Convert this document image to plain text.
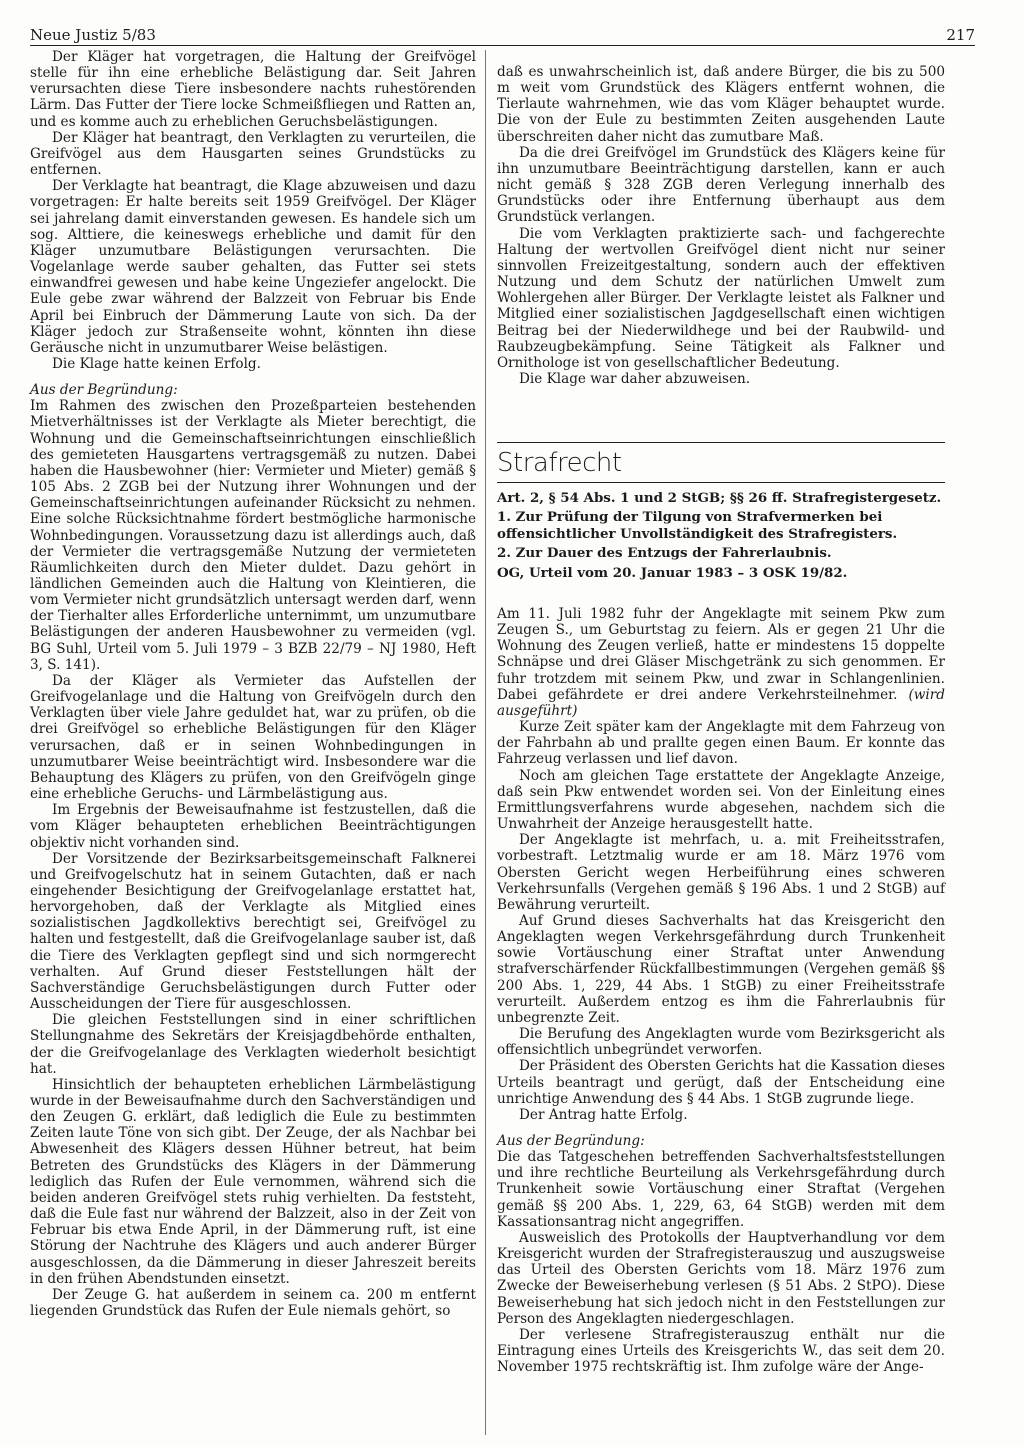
Neue Justiz 5/83	217

Der Kläger hat vorgetragen, die Haltung der Greifvögel stelle für ihn eine erhebliche Belästigung dar. Seit Jahren verursachten diese Tiere insbesondere nachts ruhestörenden Lärm. Das Futter der Tiere locke Schmeißfliegen und Ratten an, und es komme auch zu erheblichen Geruchsbelästigungen.

Der Kläger hat beantragt, den Verklagten zu verurteilen, die Greifvögel aus dem Hausgarten seines Grundstücks zu entfernen.

Der Verklagte hat beantragt, die Klage abzuweisen und dazu vorgetragen: Er halte bereits seit 1959 Greifvögel. Der Kläger sei jahrelang damit einverstanden gewesen. Es handele sich um sog. Alttiere, die keineswegs erhebliche und damit für den Kläger unzumutbare Belästigungen verursachten. Die Vogelanlage werde sauber gehalten, das Futter sei stets einwandfrei gewesen und habe keine Ungeziefer angelockt. Die Eule gebe zwar während der Balzzeit von Februar bis Ende April bei Einbruch der Dämmerung Laute von sich. Da der Kläger jedoch zur Straßenseite wohnt, könnten ihn diese Geräusche nicht in unzumutbarer Weise belästigen.

Die Klage hatte keinen Erfolg.

Aus der Begründung:

Im Rahmen des zwischen den Prozeßparteien bestehenden Mietverhältnisses ist der Verklagte als Mieter berechtigt, die Wohnung und die Gemeinschaftseinrichtungen einschließlich des gemieteten Hausgartens vertragsgemäß zu nutzen. Dabei haben die Hausbewohner (hier: Vermieter und Mieter) gemäß § 105 Abs. 2 ZGB bei der Nutzung ihrer Wohnungen und der Gemeinschaftseinrichtungen aufeinander Rücksicht zu nehmen. Eine solche Rücksichtnahme fördert bestmögliche harmonische Wohnbedingungen. Voraussetzung dazu ist allerdings auch, daß der Vermieter die vertragsgemäße Nutzung der vermieteten Räumlichkeiten durch den Mieter duldet. Dazu gehört in ländlichen Gemeinden auch die Haltung von Kleintieren, die vom Vermieter nicht grundsätzlich untersagt werden darf, wenn der Tierhalter alles Erforderliche unternimmt, um unzumutbare Belästigungen der anderen Hausbewohner zu vermeiden (vgl. BG Suhl, Urteil vom 5. Juli 1979 – 3 BZB 22/79 – NJ 1980, Heft 3, S. 141).

Da der Kläger als Vermieter das Aufstellen der Greifvogelanlage und die Haltung von Greifvögeln durch den Verklagten über viele Jahre geduldet hat, war zu prüfen, ob die drei Greifvögel so erhebliche Belästigungen für den Kläger verursachen, daß er in seinen Wohnbedingungen in unzumutbarer Weise beeinträchtigt wird. Insbesondere war die Behauptung des Klägers zu prüfen, von den Greifvögeln ginge eine erhebliche Geruchs- und Lärmbelästigung aus.

Im Ergebnis der Beweisaufnahme ist festzustellen, daß die vom Kläger behaupteten erheblichen Beeinträchtigungen objektiv nicht vorhanden sind.

Der Vorsitzende der Bezirksarbeitsgemeinschaft Falknerei und Greifvogelschutz hat in seinem Gutachten, daß er nach eingehender Besichtigung der Greifvogelanlage erstattet hat, hervorgehoben, daß der Verklagte als Mitglied eines sozialistischen Jagdkollektivs berechtigt sei, Greifvögel zu halten und festgestellt, daß die Greifvogelanlage sauber ist, daß die Tiere des Verklagten gepflegt sind und sich normgerecht verhalten. Auf Grund dieser Feststellungen hält der Sachverständige Geruchsbelästigungen durch Futter oder Ausscheidungen der Tiere für ausgeschlossen.

Die gleichen Feststellungen sind in einer schriftlichen Stellungnahme des Sekretärs der Kreisjagdbehörde enthalten, der die Greifvogelanlage des Verklagten wiederholt besichtigt hat.

Hinsichtlich der behaupteten erheblichen Lärmbelästigung wurde in der Beweisaufnahme durch den Sachverständigen und den Zeugen G. erklärt, daß lediglich die Eule zu bestimmten Zeiten laute Töne von sich gibt. Der Zeuge, der als Nachbar bei Abwesenheit des Klägers dessen Hühner betreut, hat beim Betreten des Grundstücks des Klägers in der Dämmerung lediglich das Rufen der Eule vernommen, während sich die beiden anderen Greifvögel stets ruhig verhielten. Da feststeht, daß die Eule fast nur während der Balzzeit, also in der Zeit von Februar bis etwa Ende April, in der Dämmerung ruft, ist eine Störung der Nachtruhe des Klägers und auch anderer Bürger ausgeschlossen, da die Dämmerung in dieser Jahreszeit bereits in den frühen Abendstunden einsetzt.

Der Zeuge G. hat außerdem in seinem ca. 200 m entfernt liegenden Grundstück das Rufen der Eule niemals gehört, so

daß es unwahrscheinlich ist, daß andere Bürger, die bis zu 500 m weit vom Grundstück des Klägers entfernt wohnen, die Tierlaute wahrnehmen, wie das vom Kläger behauptet wurde. Die von der Eule zu bestimmten Zeiten ausgehenden Laute überschreiten daher nicht das zumutbare Maß.

Da die drei Greifvögel im Grundstück des Klägers keine für ihn unzumutbare Beeinträchtigung darstellen, kann er auch nicht gemäß § 328 ZGB deren Verlegung innerhalb des Grundstücks oder ihre Entfernung überhaupt aus dem Grundstück verlangen.

Die vom Verklagten praktizierte sach- und fachgerechte Haltung der wertvollen Greifvögel dient nicht nur seiner sinnvollen Freizeitgestaltung, sondern auch der effektiven Nutzung und dem Schutz der natürlichen Umwelt zum Wohlergehen aller Bürger. Der Verklagte leistet als Falkner und Mitglied einer sozialistischen Jagdgesellschaft einen wichtigen Beitrag bei der Niederwildhege und bei der Raubwild- und Raubzeugbekämpfung. Seine Tätigkeit als Falkner und Ornithologe ist von gesellschaftlicher Bedeutung.

Die Klage war daher abzuweisen.

Strafrecht

Art. 2, § 54 Abs. 1 und 2 StGB; §§ 26 ff. Strafregistergesetz.

1. Zur Prüfung der Tilgung von Strafvermerken bei offensichtlicher Unvollständigkeit des Strafregisters.

2. Zur Dauer des Entzugs der Fahrerlaubnis.

OG, Urteil vom 20. Januar 1983 – 3 OSK 19/82.

Am 11. Juli 1982 fuhr der Angeklagte mit seinem Pkw zum Zeugen S., um Geburtstag zu feiern. Als er gegen 21 Uhr die Wohnung des Zeugen verließ, hatte er mindestens 15 doppelte Schnäpse und drei Gläser Mischgetränk zu sich genommen. Er fuhr trotzdem mit seinem Pkw, und zwar in Schlangenlinien. Dabei gefährdete er drei andere Verkehrsteilnehmer. (wird ausgeführt)

Kurze Zeit später kam der Angeklagte mit dem Fahrzeug von der Fahrbahn ab und prallte gegen einen Baum. Er konnte das Fahrzeug verlassen und lief davon.

Noch am gleichen Tage erstattete der Angeklagte Anzeige, daß sein Pkw entwendet worden sei. Von der Einleitung eines Ermittlungsverfahrens wurde abgesehen, nachdem sich die Unwahrheit der Anzeige herausgestellt hatte.

Der Angeklagte ist mehrfach, u. a. mit Freiheitsstrafen, vorbestraft. Letztmalig wurde er am 18. März 1976 vom Obersten Gericht wegen Herbeiführung eines schweren Verkehrsunfalls (Vergehen gemäß § 196 Abs. 1 und 2 StGB) auf Bewährung verurteilt.

Auf Grund dieses Sachverhalts hat das Kreisgericht den Angeklagten wegen Verkehrsgefährdung durch Trunkenheit sowie Vortäuschung einer Straftat unter Anwendung strafverschärfender Rückfallbestimmungen (Vergehen gemäß §§ 200 Abs. 1, 229, 44 Abs. 1 StGB) zu einer Freiheitsstrafe verurteilt. Außerdem entzog es ihm die Fahrerlaubnis für unbegrenzte Zeit.

Die Berufung des Angeklagten wurde vom Bezirksgericht als offensichtlich unbegründet verworfen.

Der Präsident des Obersten Gerichts hat die Kassation dieses Urteils beantragt und gerügt, daß der Entscheidung eine unrichtige Anwendung des § 44 Abs. 1 StGB zugrunde liege.

Der Antrag hatte Erfolg.

Aus der Begründung:

Die das Tatgeschehen betreffenden Sachverhaltsfeststellungen und ihre rechtliche Beurteilung als Verkehrsgefährdung durch Trunkenheit sowie Vortäuschung einer Straftat (Vergehen gemäß §§ 200 Abs. 1, 229, 63, 64 StGB) werden mit dem Kassationsantrag nicht angegriffen.

Ausweislich des Protokolls der Hauptverhandlung vor dem Kreisgericht wurden der Strafregisterauszug und auszugsweise das Urteil des Obersten Gerichts vom 18. März 1976 zum Zwecke der Beweiserhebung verlesen (§ 51 Abs. 2 StPO). Diese Beweiserhebung hat sich jedoch nicht in den Feststellungen zur Person des Angeklagten niedergeschlagen.

Der verlesene Strafregisterauszug enthält nur die Eintragung eines Urteils des Kreisgerichts W., das seit dem 20. November 1975 rechtskräftig ist. Ihm zufolge wäre der Ange-
